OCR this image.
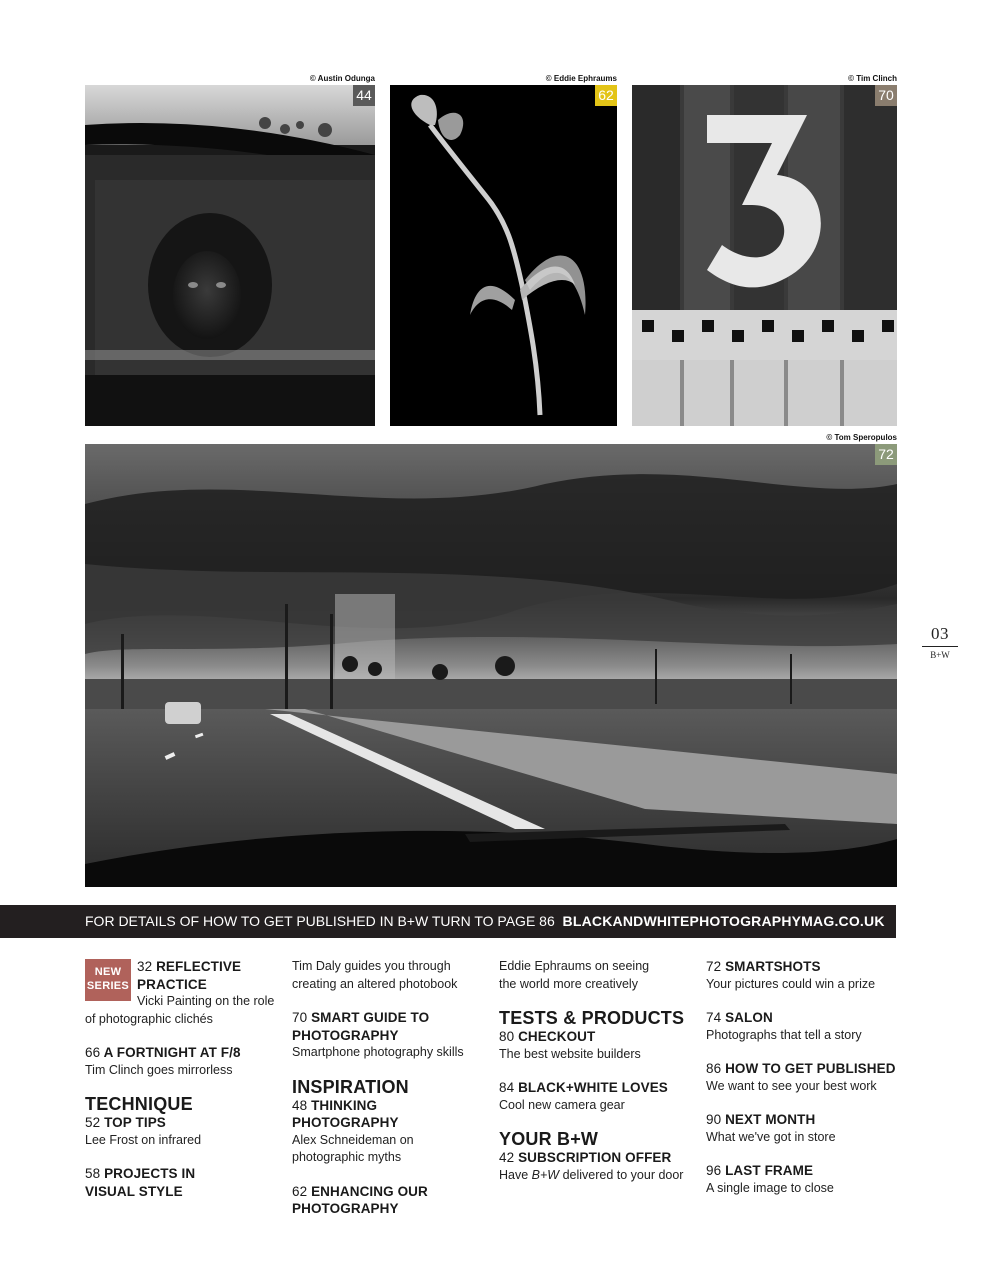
© Austin Odunga
44
© Eddie Ephraums
62
© Tim Clinch
70
© Tom Speropulos
72
03
B+W
FOR DETAILS OF HOW TO GET PUBLISHED IN B+W TURN TO PAGE 86 BLACKANDWHITEPHOTOGRAPHYMAG.CO.UK
NEW
SERIES
32 REFLECTIVE PRACTICE
Vicki Painting on the role of photographic clichés
66 A FORTNIGHT AT F/8
Tim Clinch goes mirrorless
TECHNIQUE
52 TOP TIPS
Lee Frost on infrared
58 PROJECTS IN VISUAL STYLE
Tim Daly guides you through creating an altered photobook
70 SMART GUIDE TO PHOTOGRAPHY
Smartphone photography skills
INSPIRATION
48 THINKING PHOTOGRAPHY
Alex Schneideman on photographic myths
62 ENHANCING OUR PHOTOGRAPHY
Eddie Ephraums on seeing the world more creatively
TESTS & PRODUCTS
80 CHECKOUT
The best website builders
84 BLACK+WHITE LOVES
Cool new camera gear
YOUR B+W
42 SUBSCRIPTION OFFER
Have B+W delivered to your door
72 SMARTSHOTS
Your pictures could win a prize
74 SALON
Photographs that tell a story
86 HOW TO GET PUBLISHED
We want to see your best work
90 NEXT MONTH
What we've got in store
96 LAST FRAME
A single image to close
